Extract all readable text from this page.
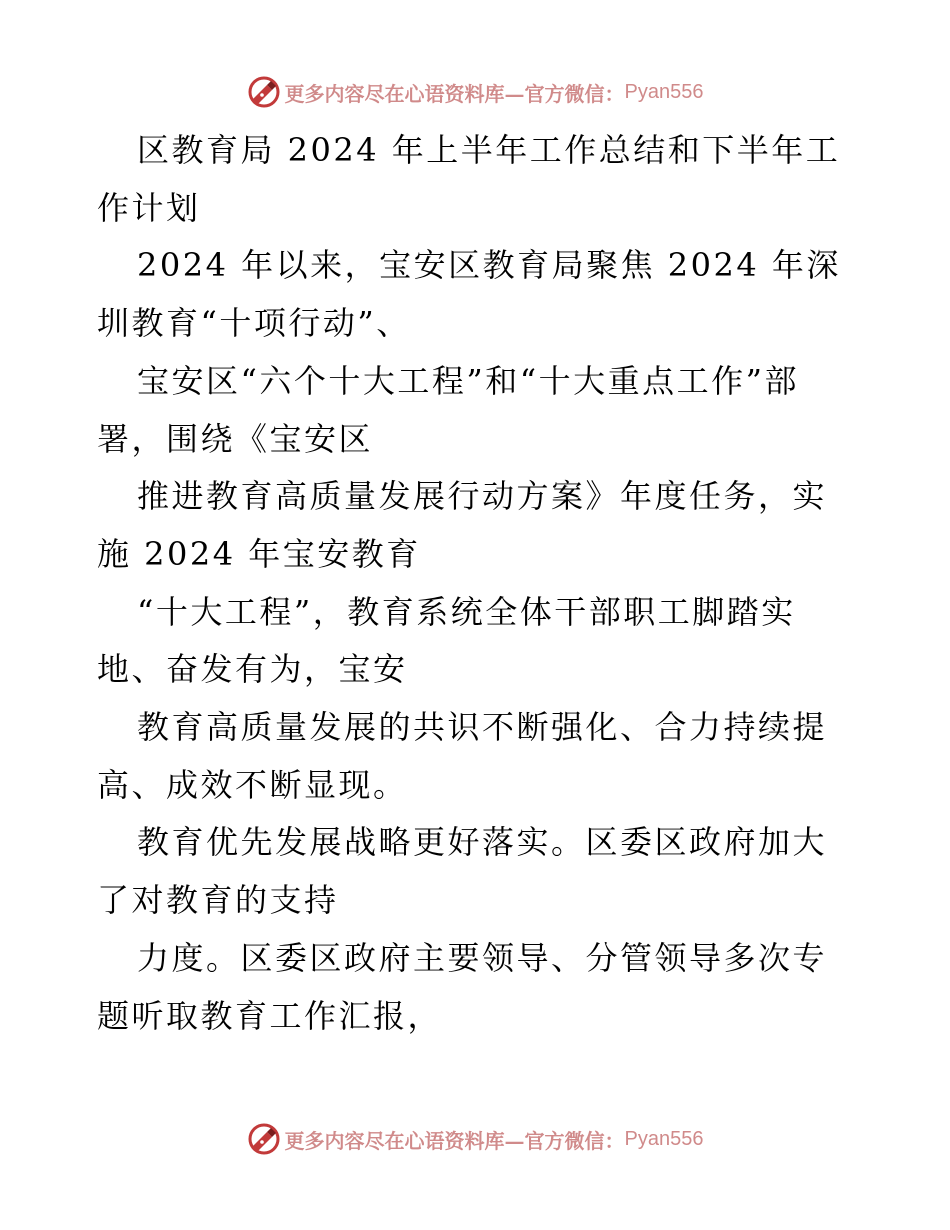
更多内容尽在心语资料库—官方微信： Pyan556

区教育局 2024 年上半年工作总结和下半年工作计划

2024 年以来，宝安区教育局聚焦 2024 年深圳教育“十项行动”、

宝安区“六个十大工程”和“十大重点工作”部署，围绕《宝安区

推进教育高质量发展行动方案》年度任务，实施 2024 年宝安教育

“十大工程”，教育系统全体干部职工脚踏实地、奋发有为，宝安

教育高质量发展的共识不断强化、合力持续提高、成效不断显现。

教育优先发展战略更好落实。区委区政府加大了对教育的支持

力度。区委区政府主要领导、分管领导多次专题听取教育工作汇报，

更多内容尽在心语资料库—官方微信： Pyan556
